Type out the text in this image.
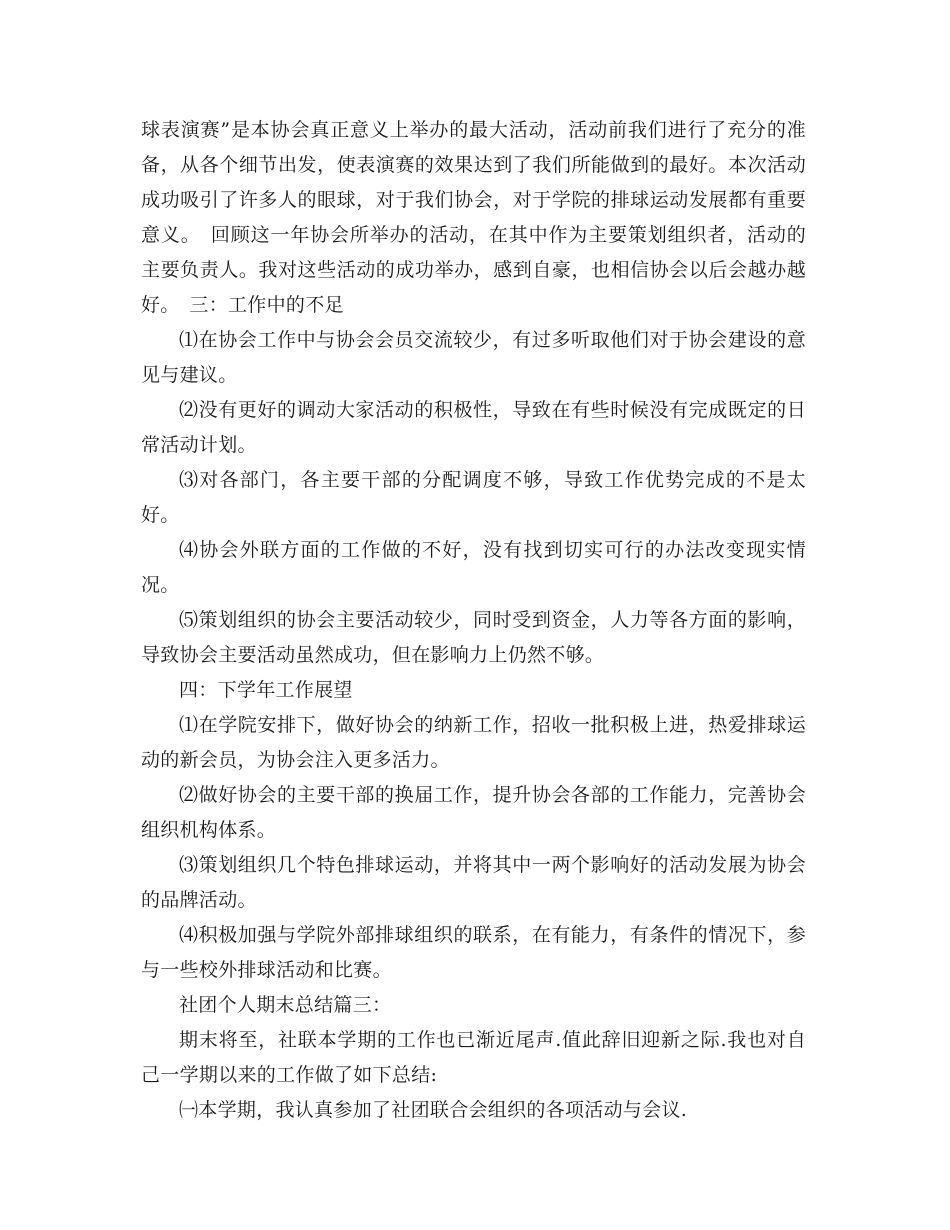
球表演赛”是本协会真正意义上举办的最大活动，活动前我们进行了充分的准备，从各个细节出发，使表演赛的效果达到了我们所能做到的最好。本次活动成功吸引了许多人的眼球，对于我们协会，对于学院的排球运动发展都有重要意义。　回顾这一年协会所举办的活动，在其中作为主要策划组织者，活动的主要负责人。我对这些活动的成功举办，感到自豪，也相信协会以后会越办越好。　三：工作中的不足

⑴在协会工作中与协会会员交流较少，有过多听取他们对于协会建设的意见与建议。

⑵没有更好的调动大家活动的积极性，导致在有些时候没有完成既定的日常活动计划。

⑶对各部门，各主要干部的分配调度不够，导致工作优势完成的不是太好。

⑷协会外联方面的工作做的不好，没有找到切实可行的办法改变现实情况。

⑸策划组织的协会主要活动较少，同时受到资金，人力等各方面的影响，导致协会主要活动虽然成功，但在影响力上仍然不够。

四：下学年工作展望

⑴在学院安排下，做好协会的纳新工作，招收一批积极上进，热爱排球运动的新会员，为协会注入更多活力。

⑵做好协会的主要干部的换届工作，提升协会各部的工作能力，完善协会组织机构体系。

⑶策划组织几个特色排球运动，并将其中一两个影响好的活动发展为协会的品牌活动。

⑷积极加强与学院外部排球组织的联系，在有能力，有条件的情况下，参与一些校外排球活动和比赛。

社团个人期末总结篇三：

期末将至，社联本学期的工作也已渐近尾声.值此辞旧迎新之际.我也对自己一学期以来的工作做了如下总结:

㈠本学期，我认真参加了社团联合会组织的各项活动与会议.
